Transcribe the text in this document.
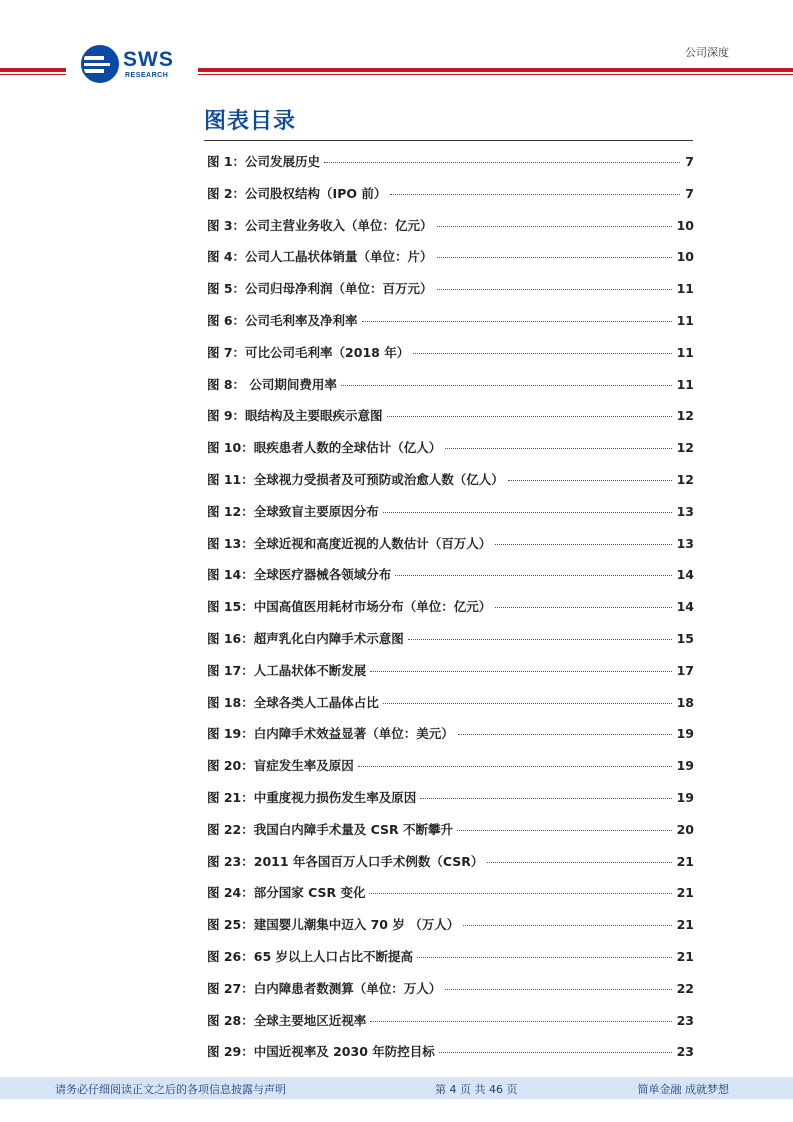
SWS
RESEARCH
公司深度
图表目录
图 1：公司发展历史	7
图 2：公司股权结构（IPO 前）	7
图 3：公司主营业务收入（单位：亿元）	10
图 4：公司人工晶状体销量（单位：片）	10
图 5：公司归母净利润（单位：百万元）	11
图 6：公司毛利率及净利率	11
图 7：可比公司毛利率（2018 年）	11
图 8： 公司期间费用率	11
图 9：眼结构及主要眼疾示意图	12
图 10：眼疾患者人数的全球估计（亿人）	12
图 11：全球视力受损者及可预防或治愈人数（亿人）	12
图 12：全球致盲主要原因分布	13
图 13：全球近视和高度近视的人数估计（百万人）	13
图 14：全球医疗器械各领域分布	14
图 15：中国高值医用耗材市场分布（单位：亿元）	14
图 16：超声乳化白内障手术示意图	15
图 17：人工晶状体不断发展	17
图 18：全球各类人工晶体占比	18
图 19：白内障手术效益显著（单位：美元）	19
图 20：盲症发生率及原因	19
图 21：中重度视力损伤发生率及原因	19
图 22：我国白内障手术量及 CSR 不断攀升	20
图 23：2011 年各国百万人口手术例数（CSR）	21
图 24：部分国家 CSR 变化	21
图 25：建国婴儿潮集中迈入 70 岁 （万人）	21
图 26：65 岁以上人口占比不断提高	21
图 27：白内障患者数测算（单位：万人）	22
图 28：全球主要地区近视率	23
图 29：中国近视率及 2030 年防控目标	23
请务必仔细阅读正文之后的各项信息披露与声明	第 4 页 共 46 页	简单金融 成就梦想
